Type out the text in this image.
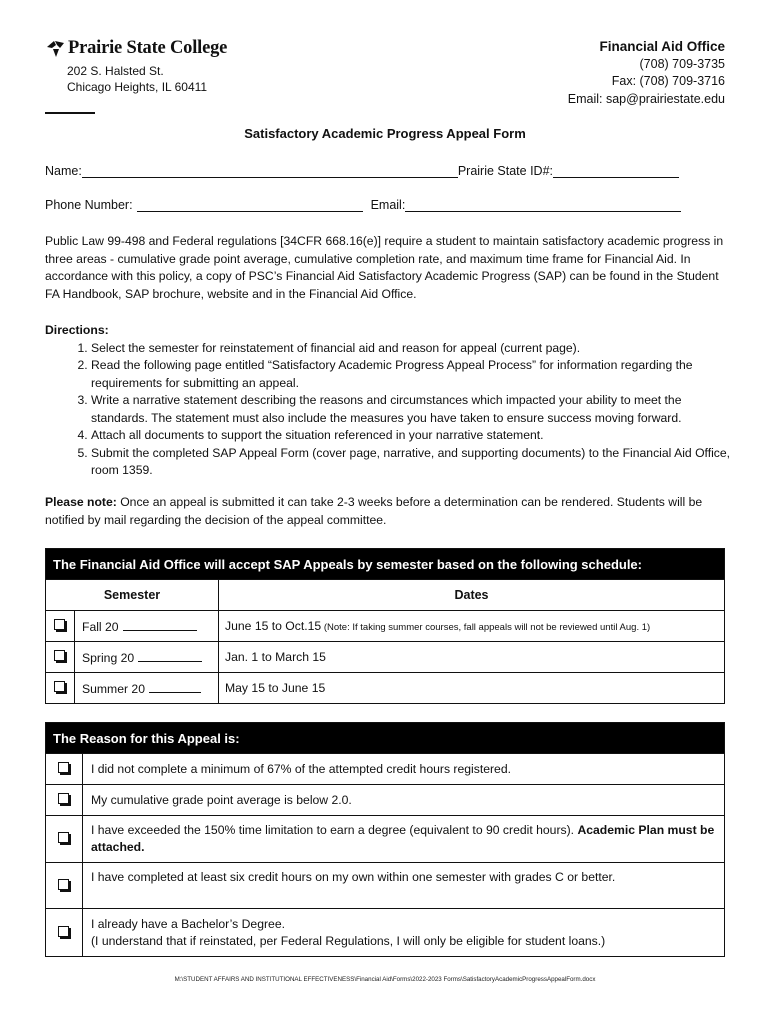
Prairie State College
202 S. Halsted St.
Chicago Heights, IL 60411
Financial Aid Office
(708) 709-3735
Fax: (708) 709-3716
Email: sap@prairiestate.edu
Satisfactory Academic Progress Appeal Form
Name:	Prairie State ID#:
Phone Number:	Email:
Public Law 99-498 and Federal regulations [34CFR 668.16(e)] require a student to maintain satisfactory academic progress in three areas - cumulative grade point average, cumulative completion rate, and maximum time frame for Financial Aid. In accordance with this policy, a copy of PSC’s Financial Aid Satisfactory Academic Progress (SAP) can be found in the Student FA Handbook, SAP brochure, website and in the Financial Aid Office.
Directions:
1. Select the semester for reinstatement of financial aid and reason for appeal (current page).
2. Read the following page entitled “Satisfactory Academic Progress Appeal Process” for information regarding the requirements for submitting an appeal.
3. Write a narrative statement describing the reasons and circumstances which impacted your ability to meet the standards. The statement must also include the measures you have taken to ensure success moving forward.
4. Attach all documents to support the situation referenced in your narrative statement.
5. Submit the completed SAP Appeal Form (cover page, narrative, and supporting documents) to the Financial Aid Office, room 1359.
Please note: Once an appeal is submitted it can take 2-3 weeks before a determination can be rendered. Students will be notified by mail regarding the decision of the appeal committee.
The Financial Aid Office will accept SAP Appeals by semester based on the following schedule:		
Semester		Dates
	Fall 20	June 15 to Oct.15 (Note: If taking summer courses, fall appeals will not be reviewed until Aug. 1)
	Spring 20	Jan. 1 to March 15
	Summer 20	May 15 to June 15
The Reason for this Appeal is:	
	I did not complete a minimum of 67% of the attempted credit hours registered.
	My cumulative grade point average is below 2.0.
	I have exceeded the 150% time limitation to earn a degree (equivalent to 90 credit hours). Academic Plan must be attached.
	I have completed at least six credit hours on my own within one semester with grades C or better.

	I already have a Bachelor’s Degree.
(I understand that if reinstated, per Federal Regulations, I will only be eligible for student loans.)
M:\STUDENT AFFAIRS AND INSTITUTIONAL EFFECTIVENESS\Financial Aid\Forms\2022-2023 Forms\SatisfactoryAcademicProgressAppealForm.docx
